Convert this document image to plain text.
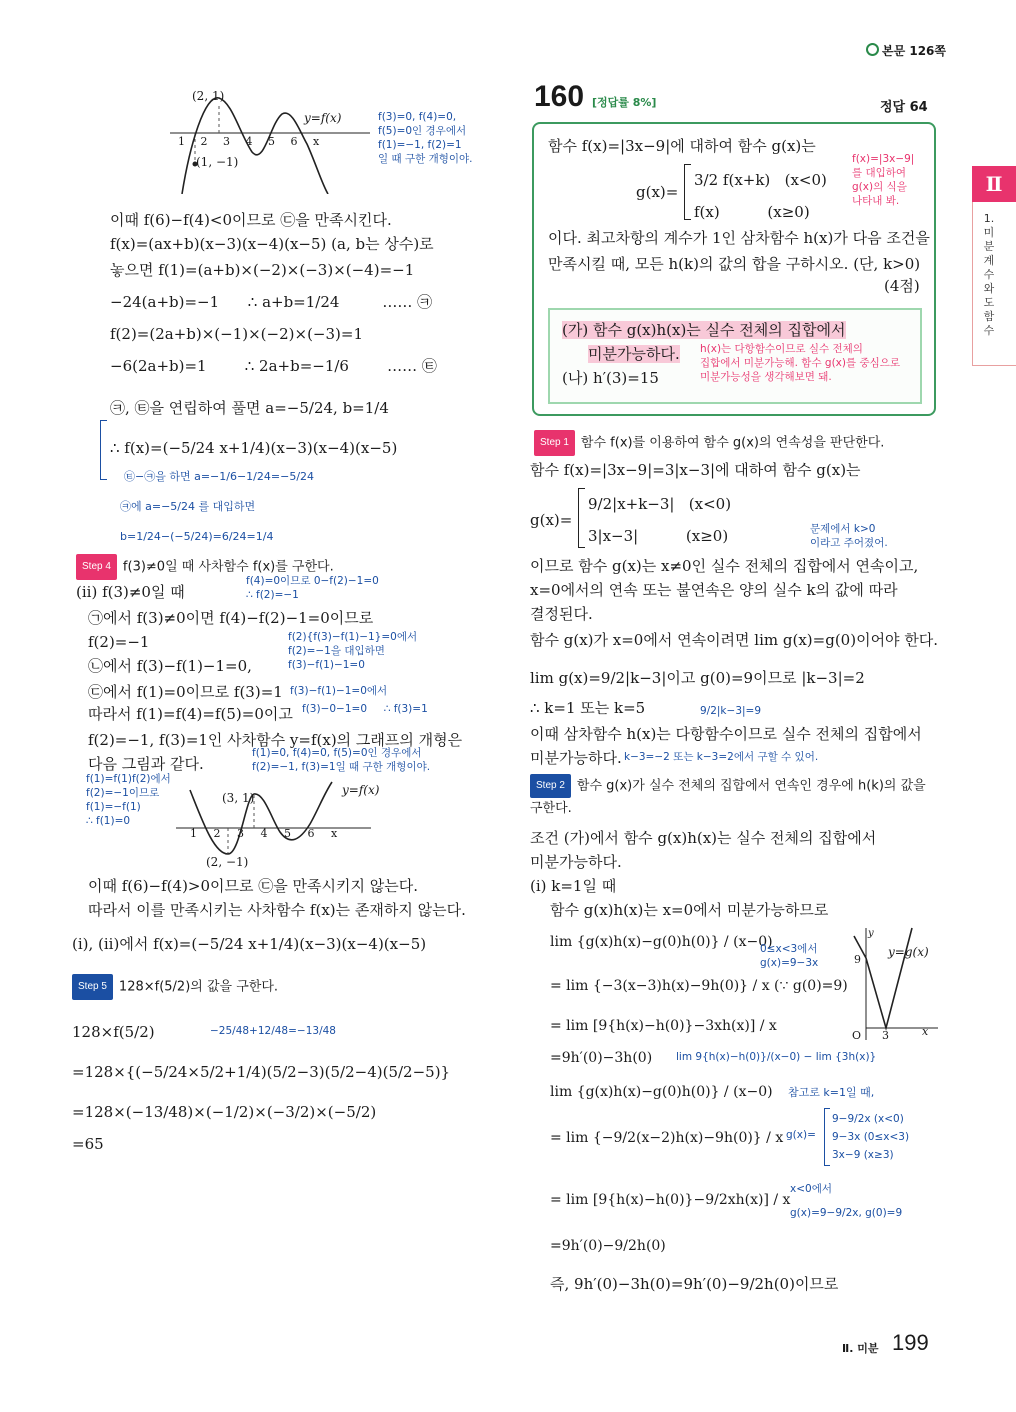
본문 126쪽
Ⅱ
1. 미분계수와 도함수
(2, 1)
(1, −1)
y=f(x)
1 2 3 4 5 6 x
f(3)=0, f(4)=0,
f(5)=0인 경우에서
f(1)=−1, f(2)=1
일 때 구한 개형이야.
이때 f(6)−f(4)<0이므로 ㉢을 만족시킨다.
f(x)=(ax+b)(x−3)(x−4)(x−5) (a, b는 상수)로
놓으면 f(1)=(a+b)×(−2)×(−3)×(−4)=−1
−24(a+b)=−1      ∴ a+b=1/24         …… ㉪
f(2)=(2a+b)×(−1)×(−2)×(−3)=1
−6(2a+b)=1        ∴ 2a+b=−1/6        …… ㉫
㉪, ㉫을 연립하여 풀면 a=−5/24, b=1/4
∴ f(x)=(−5/24 x+1/4)(x−3)(x−4)(x−5)
㉫−㉪을 하면 a=−1/6−1/24=−5/24
㉪에 a=−5/24 를 대입하면
b=1/24−(−5/24)=6/24=1/4
Step 4 f(3)≠0일 때 사차함수 f(x)를 구한다.
(ii) f(3)≠0일 때
f(4)=0이므로 0−f(2)−1=0
∴ f(2)=−1
㉠에서 f(3)≠0이면 f(4)−f(2)−1=0이므로
f(2)=−1	f(2){f(3)−f(1)−1}=0에서
f(2)=−1을 대입하면
f(3)−f(1)−1=0
㉡에서 f(3)−f(1)−1=0,
㉢에서 f(1)=0이므로 f(3)=1 f(3)−f(1)−1=0에서
따라서 f(1)=f(4)=f(5)=0이고 f(3)−0−1=0     ∴ f(3)=1
f(2)=−1, f(3)=1인 사차함수 y=f(x)의 그래프의 개형은
다음 그림과 같다.
f(1)=0, f(4)=0, f(5)=0인 경우에서
f(2)=−1, f(3)=1일 때 구한 개형이야.
f(1)=f(1)f(2)에서
f(2)=−1이므로
f(1)=−f(1)
∴ f(1)=0
(3, 1)
(2, −1)
y=f(x)
1 2 3 4 5 6 x
이때 f(6)−f(4)>0이므로 ㉢을 만족시키지 않는다.
따라서 이를 만족시키는 사차함수 f(x)는 존재하지 않는다.
(i), (ii)에서 f(x)=(−5/24 x+1/4)(x−3)(x−4)(x−5)
Step 5 128×f(5/2)의 값을 구한다.
128×f(5/2)	−25/48+12/48=−13/48
=128×{(−5/24×5/2+1/4)(5/2−3)(5/2−4)(5/2−5)}
=128×(−13/48)×(−1/2)×(−3/2)×(−5/2)
=65
160 [정답률 8%]	정답 64
함수 f(x)=|3x−9|에 대하여 함수 g(x)는
g(x)=
3/2 f(x+k)   (x<0)
f(x)          (x≥0)
f(x)=|3x−9|
를 대입하여
g(x)의 식을
나타내 봐.
이다. 최고차항의 계수가 1인 삼차함수 h(x)가 다음 조건을
만족시킬 때, 모든 h(k)의 값의 합을 구하시오. (단, k>0)
(4점)
(가) 함수 g(x)h(x)는 실수 전체의 집합에서
미분가능하다.
(나) h′(3)=15
h(x)는 다항함수이므로 실수 전체의
집합에서 미분가능해. 함수 g(x)를 중심으로
미분가능성을 생각해보면 돼.
Step 1 함수 f(x)를 이용하여 함수 g(x)의 연속성을 판단한다.
함수 f(x)=|3x−9|=3|x−3|에 대하여 함수 g(x)는
g(x)=
9/2|x+k−3|   (x<0)
3|x−3|          (x≥0)	문제에서 k>0
이라고 주어졌어.
이므로 함수 g(x)는 x≠0인 실수 전체의 집합에서 연속이고,
x=0에서의 연속 또는 불연속은 양의 실수 k의 값에 따라
결정된다.
함수 g(x)가 x=0에서 연속이려면 lim g(x)=g(0)이어야 한다.
lim g(x)=9/2|k−3|이고 g(0)=9이므로 |k−3|=2
∴ k=1 또는 k=5	9/2|k−3|=9
이때 삼차함수 h(x)는 다항함수이므로 실수 전체의 집합에서
미분가능하다. k−3=−2 또는 k−3=2에서 구할 수 있어.
Step 2 함수 g(x)가 실수 전체의 집합에서 연속인 경우에 h(k)의 값을 구한다.
조건 (가)에서 함수 g(x)h(x)는 실수 전체의 집합에서
미분가능하다.
(i) k=1일 때
함수 g(x)h(x)는 x=0에서 미분가능하므로
lim {g(x)h(x)−g(0)h(0)} / (x−0)
0≤x<3에서
g(x)=9−3x
= lim {−3(x−3)h(x)−9h(0)} / x (∵ g(0)=9)
= lim [9{h(x)−h(0)}−3xh(x)] / x
=9h′(0)−3h(0) lim 9{h(x)−h(0)}/(x−0) − lim {3h(x)}
y=g(x)
9
3
O	x
y
lim {g(x)h(x)−g(0)h(0)} / (x−0) 참고로 k=1일 때,
= lim {−9/2(x−2)h(x)−9h(0)} / x g(x)=
9−9/2x (x<0)
9−3x (0≤x<3)
3x−9 (x≥3)
= lim [9{h(x)−h(0)}−9/2xh(x)] / x
x<0에서
g(x)=9−9/2x, g(0)=9
=9h′(0)−9/2h(0)
즉, 9h′(0)−3h(0)=9h′(0)−9/2h(0)이므로
Ⅱ. 미분 199
